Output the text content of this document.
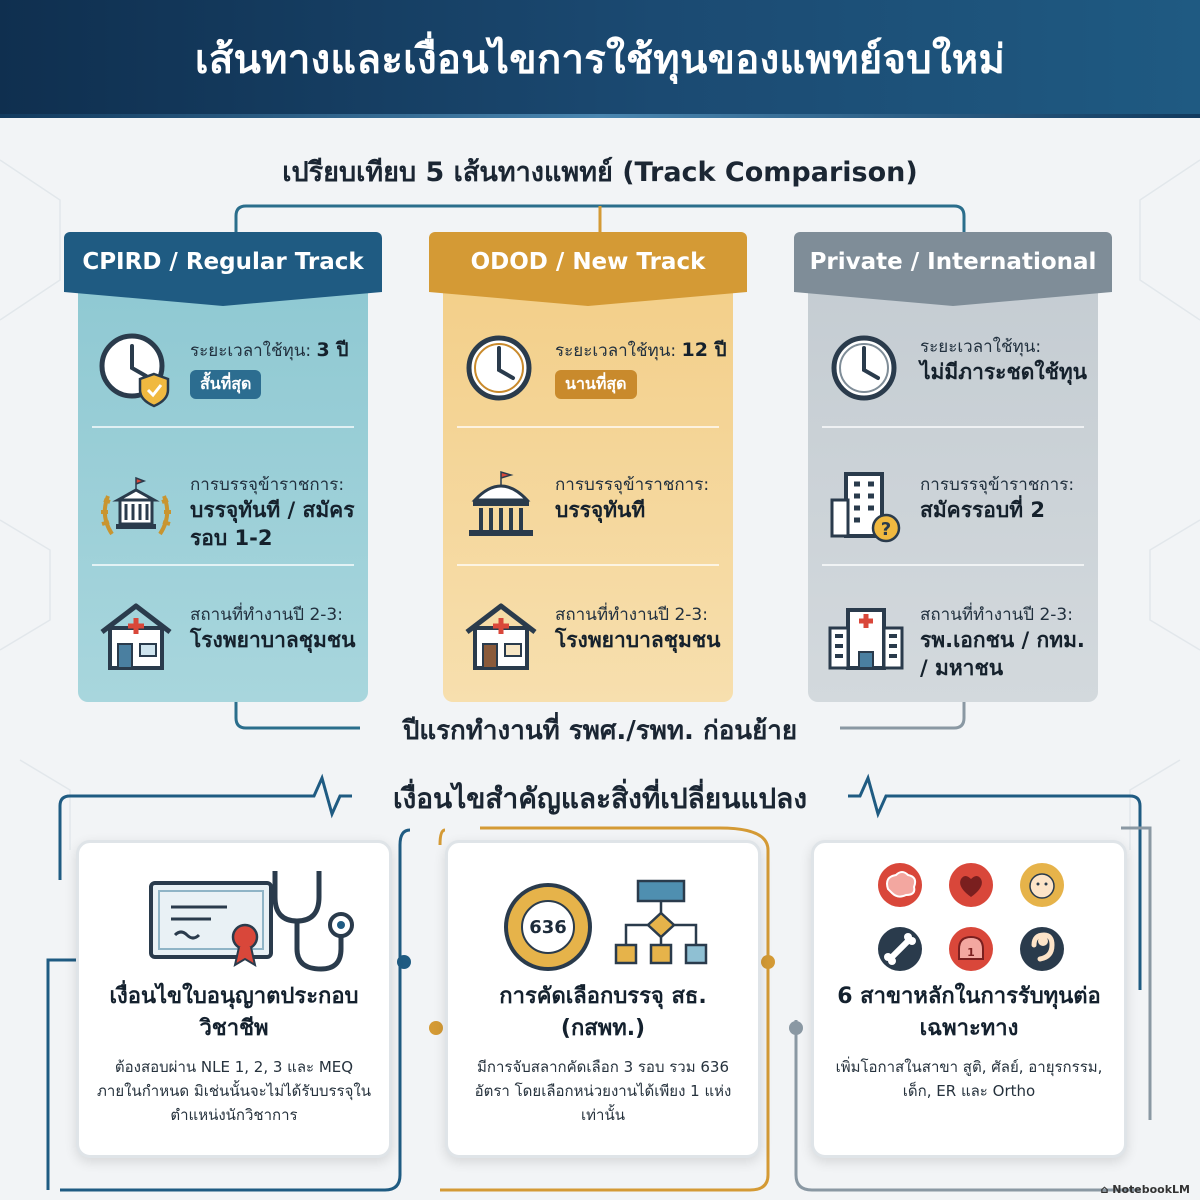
เส้นทางและเงื่อนไขการใช้ทุนของแพทย์จบใหม่
เปรียบเทียบ 5 เส้นทางแพทย์ (Track Comparison)
CPIRD / Regular Track
ระยะเวลาใช้ทุน: 3 ปี
สั้นที่สุด
การบรรจุข้าราชการ:
บรรจุทันที / สมัครรอบ 1-2
สถานที่ทำงานปี 2-3:
โรงพยาบาลชุมชน
ODOD / New Track
ระยะเวลาใช้ทุน: 12 ปี
นานที่สุด
การบรรจุข้าราชการ:
บรรจุทันที
สถานที่ทำงานปี 2-3:
โรงพยาบาลชุมชน
Private / International
ระยะเวลาใช้ทุน:
ไม่มีภาระชดใช้ทุน
?
การบรรจุข้าราชการ:
สมัครรอบที่ 2
สถานที่ทำงานปี 2-3:
รพ.เอกชน / กทม. / มหาชน
ปีแรกทำงานที่ รพศ./รพท. ก่อนย้าย
เงื่อนไขสำคัญและสิ่งที่เปลี่ยนแปลง
เงื่อนไขใบอนุญาตประกอบวิชาชีพ

ต้องสอบผ่าน NLE 1, 2, 3 และ MEQ ภายในกำหนด มิเช่นนั้นจะไม่ได้รับบรรจุในตำแหน่งนักวิชาการ

636
การคัดเลือกบรรจุ สธ. (กสพท.)

มีการจับสลากคัดเลือก 3 รอบ รวม 636 อัตรา โดยเลือกหน่วยงานได้เพียง 1 แห่งเท่านั้น

1
6 สาขาหลักในการรับทุนต่อเฉพาะทาง

เพิ่มโอกาสในสาขา สูติ, ศัลย์, อายุรกรรม, เด็ก, ER และ Ortho

⌂ NotebookLM
